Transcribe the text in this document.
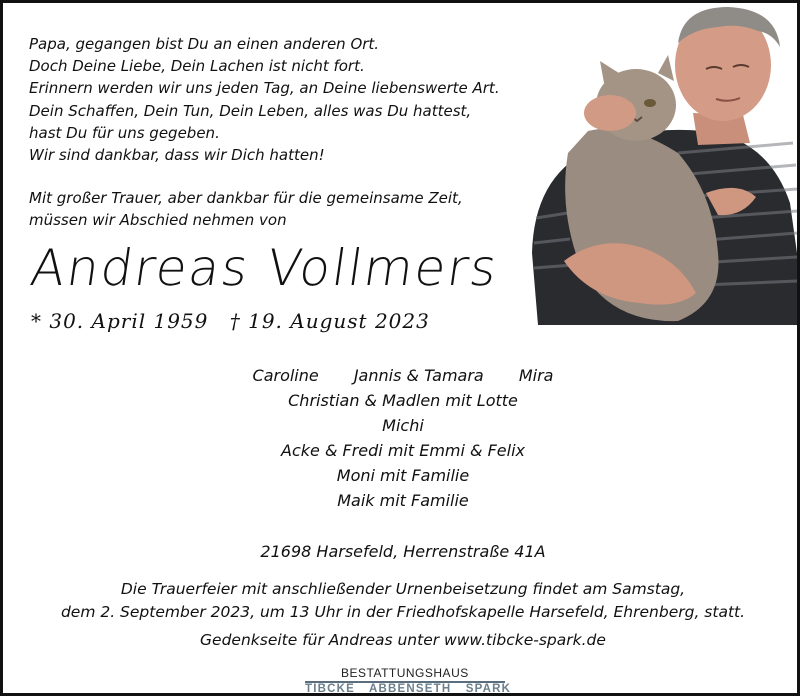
Papa, gegangen bist Du an einen anderen Ort.
Doch Deine Liebe, Dein Lachen ist nicht fort.
Erinnern werden wir uns jeden Tag, an Deine liebenswerte Art.
Dein Schaffen, Dein Tun, Dein Leben, alles was Du hattest,
hast Du für uns gegeben.
Wir sind dankbar, dass wir Dich hatten!
Mit großer Trauer, aber dankbar für die gemeinsame Zeit,
müssen wir Abschied nehmen von
Andreas Vollmers
* 30. April 1959 † 19. August 2023
Caroline Jannis & Tamara Mira
Christian & Madlen mit Lotte
Michi
Acke & Fredi mit Emmi & Felix
Moni mit Familie
Maik mit Familie
21698 Harsefeld, Herrenstraße 41A
Die Trauerfeier mit anschließender Urnenbeisetzung findet am Samstag,
dem 2. September 2023, um 13 Uhr in der Friedhofskapelle Harsefeld, Ehrenberg, statt.
Gedenkseite für Andreas unter www.tibcke-spark.de
BESTATTUNGSHAUS
TIBCKE ABBENSETH SPARK
